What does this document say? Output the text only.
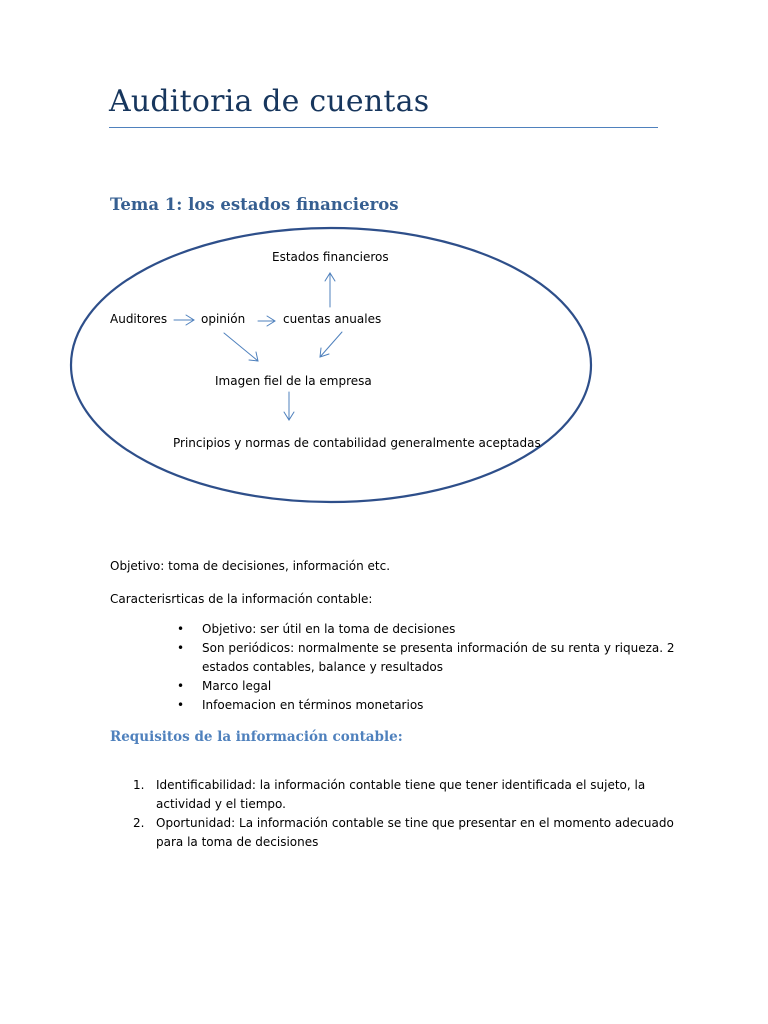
Auditoria de cuentas
Tema 1: los estados financieros
Estados financieros
Auditores	opinión	cuentas anuales
Imagen fiel de la empresa
Principios y normas de contabilidad generalmente aceptadas
Objetivo: toma de decisiones, información etc.
Caracterisrticas de la información contable:
• Objetivo: ser útil en la toma de decisiones
• Son periódicos: normalmente se presenta información de su renta y riqueza. 2
estados contables, balance y resultados
• Marco legal
• Infoemacion en términos monetarios
Requisitos de la información contable:
1. Identificabilidad: la información contable tiene que tener identificada el sujeto, la
actividad y el tiempo.
2. Oportunidad: La información contable se tine que presentar en el momento adecuado
para la toma de decisiones
